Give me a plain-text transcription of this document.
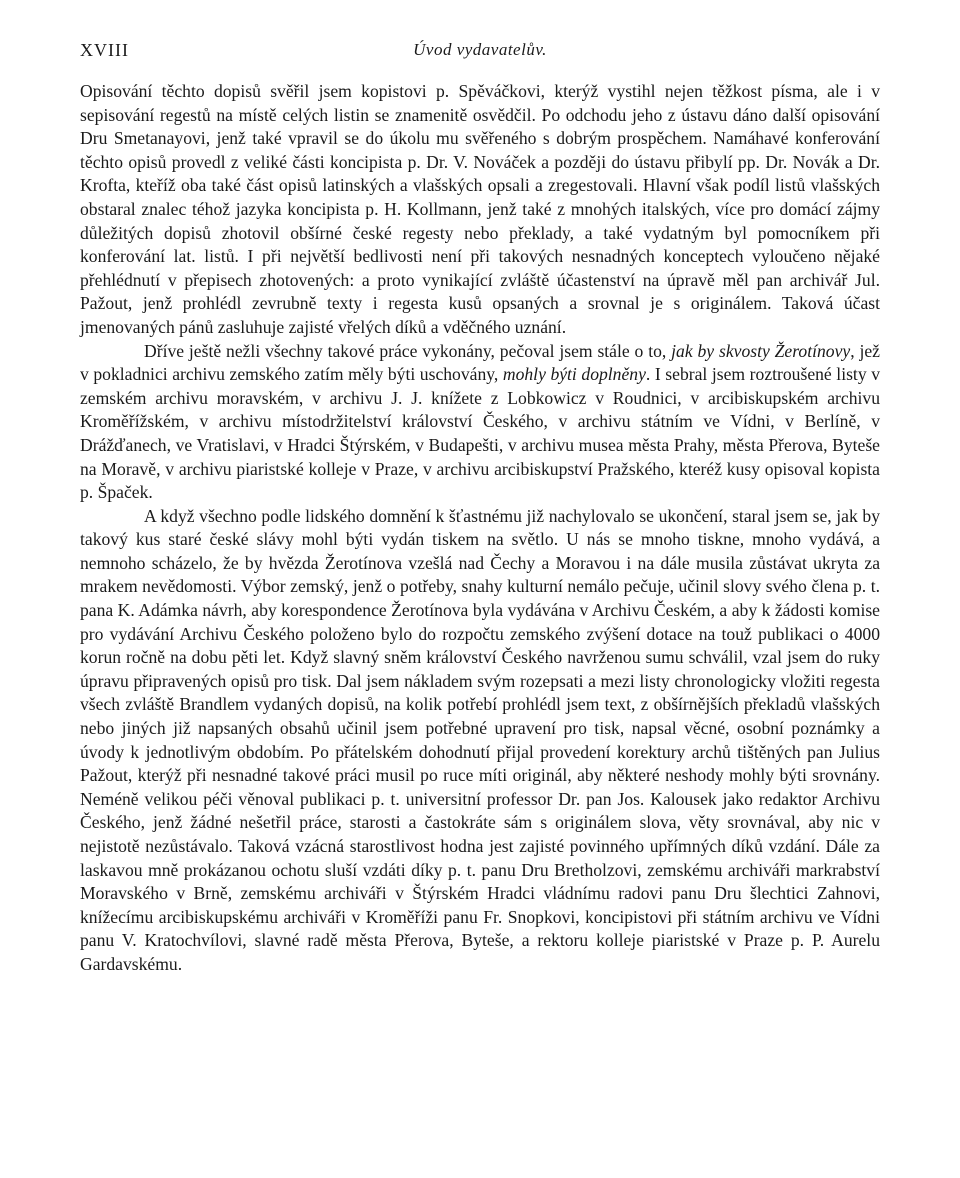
XVIII	Úvod vydavatelův.

Opisování těchto dopisů svěřil jsem kopistovi p. Spěváčkovi, kterýž vystihl nejen těžkost písma, ale i v sepisování regestů na místě celých listin se znamenitě osvědčil. Po odchodu jeho z ústavu dáno další opisování Dru Smetanayovi, jenž také vpravil se do úkolu mu svěřeného s dobrým prospěchem. Namáhavé konferování těchto opisů provedl z veliké části koncipista p. Dr. V. Nováček a později do ústavu přibylí pp. Dr. Novák a Dr. Krofta, kteříž oba také část opisů latinských a vlašských opsali a zregestovali. Hlavní však podíl listů vlašských obstaral znalec téhož jazyka koncipista p. H. Kollmann, jenž také z mnohých italských, více pro domácí zájmy důležitých dopisů zhotovil obšírné české regesty nebo překlady, a také vydatným byl pomocníkem při konferování lat. listů. I při největší bedlivosti není při takových nesnadných konceptech vyloučeno nějaké přehlédnutí v přepisech zhotovených: a proto vynikající zvláště účastenství na úpravě měl pan archivář Jul. Pažout, jenž prohlédl zevrubně texty i regesta kusů opsaných a srovnal je s originálem. Taková účast jmenovaných pánů zasluhuje zajisté vřelých díků a vděčného uznání.

Dříve ještě nežli všechny takové práce vykonány, pečoval jsem stále o to, jak by skvosty Žerotínovy, jež v pokladnici archivu zemského zatím měly býti uschovány, mohly býti doplněny. I sebral jsem roztroušené listy v zemském archivu moravském, v archivu J. J. knížete z Lobkowicz v Roudnici, v arcibiskupském archivu Kroměřížském, v archivu místodržitelství království Českého, v archivu státním ve Vídni, v Berlíně, v Drážďanech, ve Vratislavi, v Hradci Štýrském, v Budapešti, v archivu musea města Prahy, města Přerova, Byteše na Moravě, v archivu piaristské kolleje v Praze, v archivu arcibiskupství Pražského, kteréž kusy opisoval kopista p. Špaček.

A když všechno podle lidského domnění k šťastnému již nachylovalo se ukončení, staral jsem se, jak by takový kus staré české slávy mohl býti vydán tiskem na světlo. U nás se mnoho tiskne, mnoho vydává, a nemnoho scházelo, že by hvězda Žerotínova vzešlá nad Čechy a Moravou i na dále musila zůstávat ukryta za mrakem nevědomosti. Výbor zemský, jenž o potřeby, snahy kulturní nemálo pečuje, učinil slovy svého člena p. t. pana K. Adámka návrh, aby korespondence Žerotínova byla vydávána v Archivu Českém, a aby k žádosti komise pro vydávání Archivu Českého položeno bylo do rozpočtu zemského zvýšení dotace na touž publikaci o 4000 korun ročně na dobu pěti let. Když slavný sněm království Českého navrženou sumu schválil, vzal jsem do ruky úpravu připravených opisů pro tisk. Dal jsem nákladem svým rozepsati a mezi listy chronologicky vložiti regesta všech zvláště Brandlem vydaných dopisů, na kolik potřebí prohlédl jsem text, z obšírnějších překladů vlašských nebo jiných již napsaných obsahů učinil jsem potřebné upravení pro tisk, napsal věcné, osobní poznámky a úvody k jednotlivým obdobím. Po přátelském dohodnutí přijal provedení korektury archů tištěných pan Julius Pažout, kterýž při nesnadné takové práci musil po ruce míti originál, aby některé neshody mohly býti srovnány. Neméně velikou péči věnoval publikaci p. t. universitní professor Dr. pan Jos. Kalousek jako redaktor Archivu Českého, jenž žádné nešetřil práce, starosti a častokráte sám s originálem slova, věty srovnával, aby nic v nejistotě nezůstávalo. Taková vzácná starostlivost hodna jest zajisté povinného upřímných díků vzdání. Dále za laskavou mně prokázanou ochotu sluší vzdáti díky p. t. panu Dru Bretholzovi, zemskému archiváři markrabství Moravského v Brně, zemskému archiváři v Štýrském Hradci vládnímu radovi panu Dru šlechtici Zahnovi, knížecímu arcibiskupskému archiváři v Kroměříži panu Fr. Snopkovi, koncipistovi při státním archivu ve Vídni panu V. Kratochvílovi, slavné radě města Přerova, Byteše, a rektoru kolleje piaristské v Praze p. P. Aurelu Gardavskému.
